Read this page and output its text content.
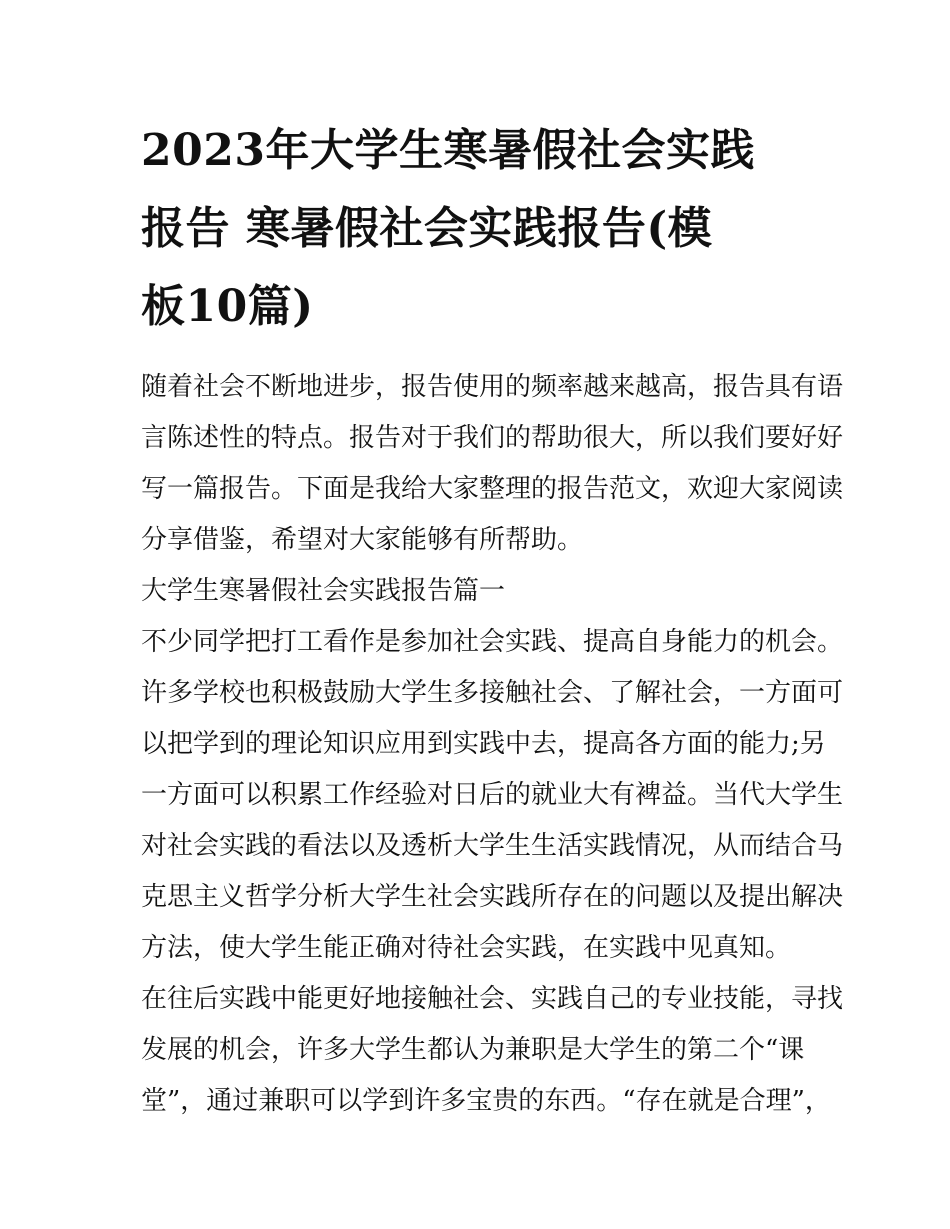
2023年大学生寒暑假社会实践
报告 寒暑假社会实践报告(模
板10篇)
随着社会不断地进步，报告使用的频率越来越高，报告具有语
言陈述性的特点。报告对于我们的帮助很大，所以我们要好好
写一篇报告。下面是我给大家整理的报告范文，欢迎大家阅读
分享借鉴，希望对大家能够有所帮助。
大学生寒暑假社会实践报告篇一
不少同学把打工看作是参加社会实践、提高自身能力的机会。
许多学校也积极鼓励大学生多接触社会、了解社会，一方面可
以把学到的理论知识应用到实践中去，提高各方面的能力;另
一方面可以积累工作经验对日后的就业大有裨益。当代大学生
对社会实践的看法以及透析大学生生活实践情况，从而结合马
克思主义哲学分析大学生社会实践所存在的问题以及提出解决
方法，使大学生能正确对待社会实践，在实践中见真知。
在往后实践中能更好地接触社会、实践自己的专业技能，寻找
发展的机会，许多大学生都认为兼职是大学生的第二个“课
堂”，通过兼职可以学到许多宝贵的东西。“存在就是合理”，
